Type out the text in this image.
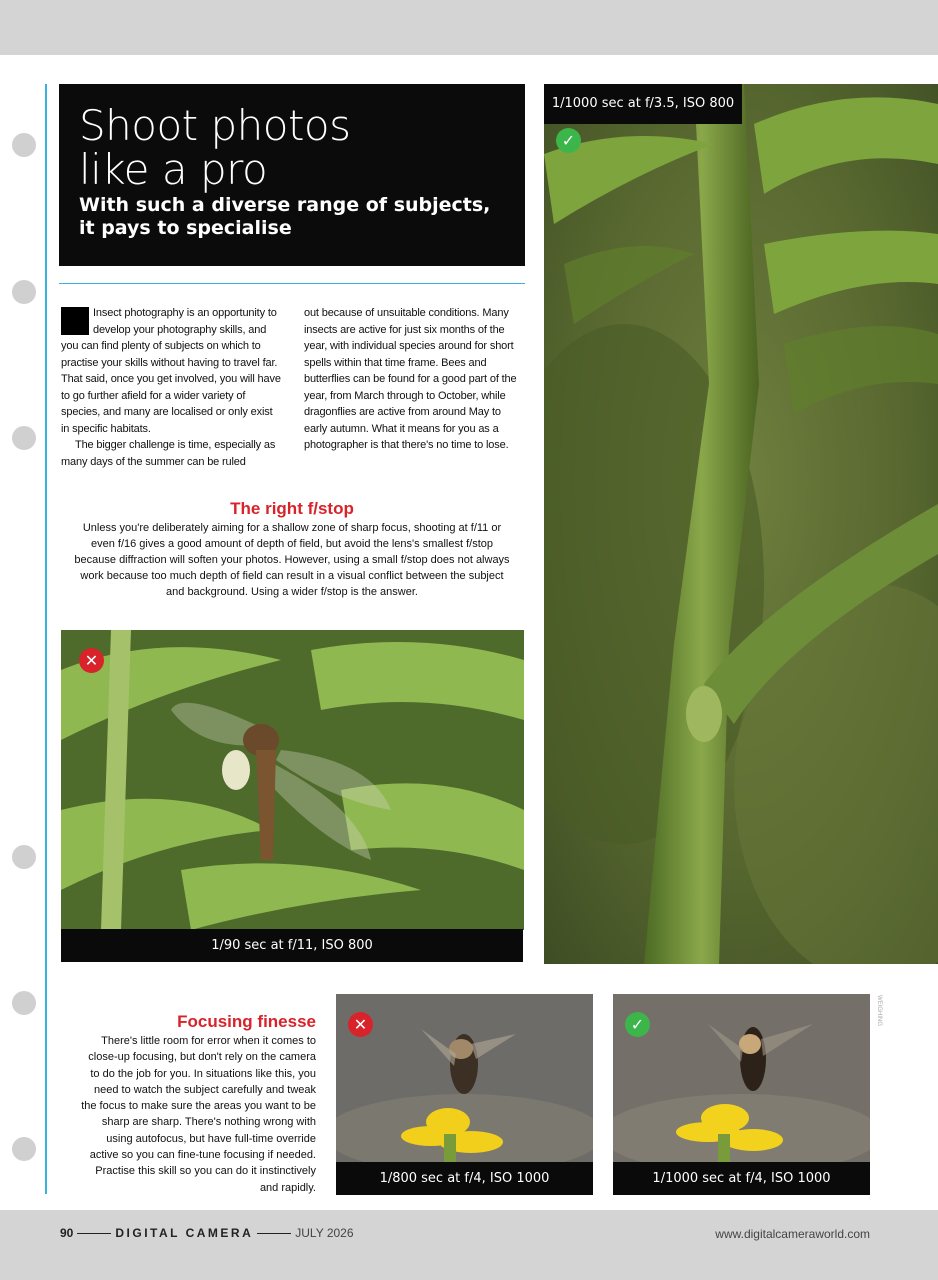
Shoot photos
like a pro
With such a diverse range of subjects, it pays to specialise

Insect photography is an opportunity to develop your photography skills, and you can find plenty of subjects on which to practise your skills without having to travel far. That said, once you get involved, you will have to go further afield for a wider variety of species, and many are localised or only exist in specific habitats.

The bigger challenge is time, especially as many days of the summer can be ruled

out because of unsuitable conditions. Many insects are active for just six months of the year, with individual species around for short spells within that time frame. Bees and butterflies can be found for a good part of the year, from March through to October, while dragonflies are active from around May to early autumn. What it means for you as a photographer is that there's no time to lose.

The right f/stop

Unless you're deliberately aiming for a shallow zone of sharp focus, shooting at f/11 or even f/16 gives a good amount of depth of field, but avoid the lens's smallest f/stop because diffraction will soften your photos. However, using a small f/stop does not always work because too much depth of field can result in a visual conflict between the subject and background. Using a wider f/stop is the answer.

1/1000 sec at f/3.5, ISO 800
✓
1/90 sec at f/11, ISO 800
✕
Focusing finesse

There's little room for error when it comes to close-up focusing, but don't rely on the camera to do the job for you. In situations like this, you need to watch the subject carefully and tweak the focus to make sure the areas you want to be sharp are sharp. There's nothing wrong with using autofocus, but have full-time override active so you can fine-tune focusing if needed. Practise this skill so you can do it instinctively and rapidly.

1/800 sec at f/4, ISO 1000
✕
1/1000 sec at f/4, ISO 1000
✓	WEIGHING
90	DIGITAL CAMERA	JULY 2026	www.digitalcameraworld.com
